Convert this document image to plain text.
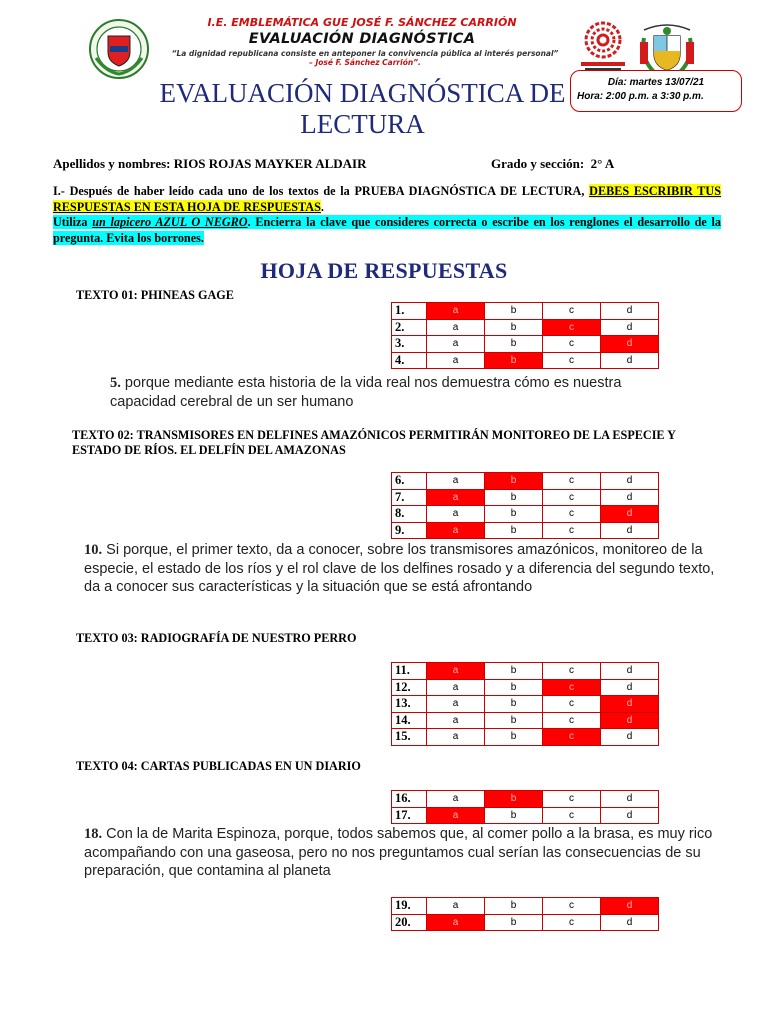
I.E. EMBLEMÁTICA GUE JOSÉ F. SÁNCHEZ CARRIÓN
EVALUACIÓN DIAGNÓSTICA
“La dignidad republicana consiste en anteponer la convivencia pública al interés personal”
– José F. Sánchez Carrión”.
EVALUACIÓN DIAGNÓSTICA DE
LECTURA
Día: martes 13/07/21
Hora: 2:00 p.m. a 3:30 p.m.
Apellidos y nombres: RIOS ROJAS MAYKER ALDAIR	Grado y sección: 2° A
I.- Después de haber leído cada uno de los textos de la PRUEBA DIAGNÓSTICA DE LECTURA, DEBES ESCRIBIR TUS RESPUESTAS EN ESTA HOJA DE RESPUESTAS.
Utiliza un lapicero AZUL O NEGRO. Encierra la clave que consideres correcta o escribe en los renglones el desarrollo de la pregunta. Evita los borrones.
HOJA DE RESPUESTAS
TEXTO 01: PHINEAS GAGE
TEXTO 02: TRANSMISORES EN DELFINES AMAZÓNICOS PERMITIRÁN MONITOREO DE LA ESPECIE Y ESTADO DE RÍOS. EL DELFÍN DEL AMAZONAS
TEXTO 03: RADIOGRAFÍA DE NUESTRO PERRO
TEXTO 04: CARTAS PUBLICADAS EN UN DIARIO
1.	a	b	c	d
2.	a	b	c	d
3.	a	b	c	d
4.	a	b	c	d
6.	a	b	c	d
7.	a	b	c	d
8.	a	b	c	d
9.	a	b	c	d
11.	a	b	c	d
12.	a	b	c	d
13.	a	b	c	d
14.	a	b	c	d
15.	a	b	c	d
16.	a	b	c	d
17.	a	b	c	d
19.	a	b	c	d
20.	a	b	c	d
5. porque mediante esta historia de la vida real nos demuestra cómo es nuestra capacidad cerebral de un ser humano
10. Si porque, el primer texto, da a conocer, sobre los transmisores amazónicos, monitoreo de la especie, el estado de los ríos y el rol clave de los delfines rosado y a diferencia del segundo texto, da a conocer sus características y la situación que se está afrontando
18. Con la de Marita Espinoza, porque, todos sabemos que, al comer pollo a la brasa, es muy rico acompañando con una gaseosa, pero no nos preguntamos cual serían las consecuencias de su preparación, que contamina al planeta
